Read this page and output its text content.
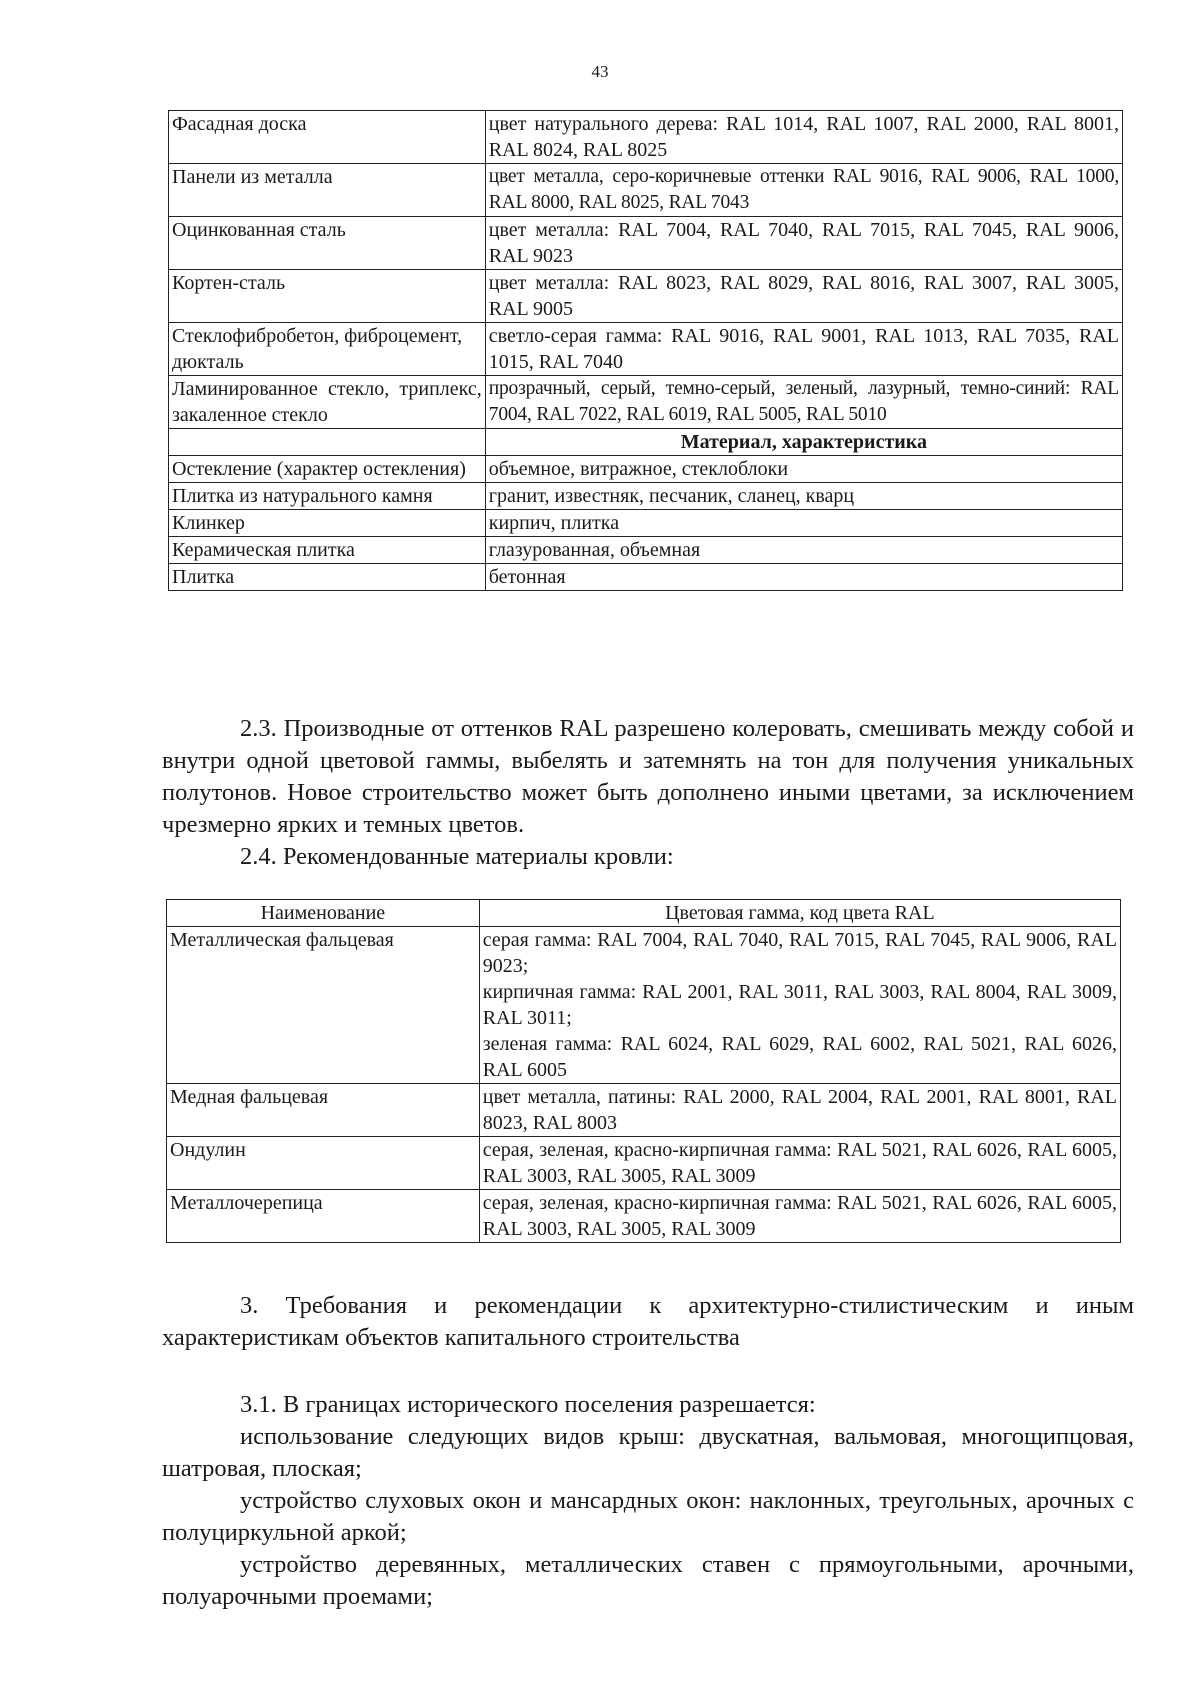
43
Фасадная доска	цвет натурального дерева: RAL 1014, RAL 1007, RAL 2000, RAL 8001, RAL 8024, RAL 8025
Панели из металла	цвет металла, серо-коричневые оттенки RAL 9016, RAL 9006, RAL 1000, RAL 8000, RAL 8025, RAL 7043
Оцинкованная сталь	цвет металла: RAL 7004, RAL 7040, RAL 7015, RAL 7045, RAL 9006, RAL 9023
Кортен-сталь	цвет металла: RAL 8023, RAL 8029, RAL 8016, RAL 3007, RAL 3005, RAL 9005
Стеклофибробетон, фиброцемент, дюкталь	светло-серая гамма: RAL 9016, RAL 9001, RAL 1013, RAL 7035, RAL 1015, RAL 7040
Ламинированное стекло, триплекс, закаленное стекло	прозрачный, серый, темно-серый, зеленый, лазурный, темно-синий: RAL 7004, RAL 7022, RAL 6019, RAL 5005, RAL 5010
	Материал, характеристика
Остекление (характер остекления)	объемное, витражное, стеклоблоки
Плитка из натурального камня	гранит, известняк, песчаник, сланец, кварц
Клинкер	кирпич, плитка
Керамическая плитка	глазурованная, объемная
Плитка	бетонная

2.3. Производные от оттенков RAL разрешено колеровать, смешивать между собой и внутри одной цветовой гаммы, выбелять и затемнять на тон для получения уникальных полутонов. Новое строительство может быть дополнено иными цветами, за исключением чрезмерно ярких и темных цветов.

2.4. Рекомендованные материалы кровли:

Наименование	Цветовая гамма, код цвета RAL
Металлическая фальцевая	серая гамма: RAL 7004, RAL 7040, RAL 7015, RAL 7045, RAL 9006, RAL 9023;
кирпичная гамма: RAL 2001, RAL 3011, RAL 3003, RAL 8004, RAL 3009, RAL 3011;
зеленая гамма: RAL 6024, RAL 6029, RAL 6002, RAL 5021, RAL 6026, RAL 6005

Медная фальцевая	цвет металла, патины: RAL 2000, RAL 2004, RAL 2001, RAL 8001, RAL 8023, RAL 8003
Ондулин	серая, зеленая, красно-кирпичная гамма: RAL 5021, RAL 6026, RAL 6005, RAL 3003, RAL 3005, RAL 3009
Металлочерепица	серая, зеленая, красно-кирпичная гамма: RAL 5021, RAL 6026, RAL 6005, RAL 3003, RAL 3005, RAL 3009

3. Требования и рекомендации к архитектурно-стилистическим и иным характеристикам объектов капитального строительства

3.1. В границах исторического поселения разрешается:

использование следующих видов крыш: двускатная, вальмовая, многощипцовая, шатровая, плоская;

устройство слуховых окон и мансардных окон: наклонных, треугольных, арочных с полуциркульной аркой;

устройство деревянных, металлических ставен с прямоугольными, арочными, полуарочными проемами;
